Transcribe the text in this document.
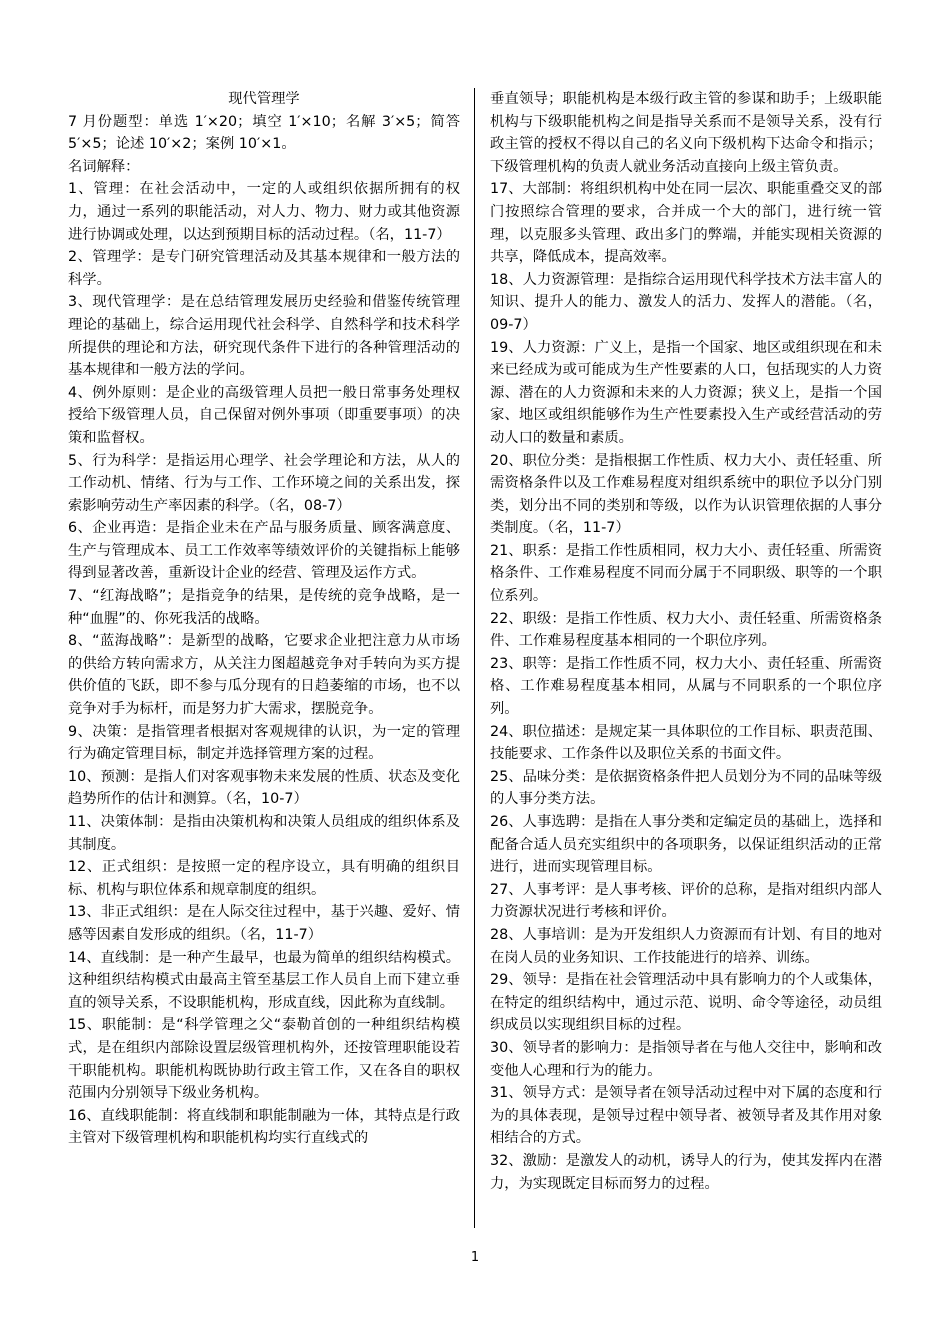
现代管理学

7 月份题型：单选 1′×20；填空 1′×10；名解 3′×5；简答 5′×5；论述 10′×2；案例 10′×1。

名词解释：

1、管理：在社会活动中，一定的人或组织依据所拥有的权力，通过一系列的职能活动，对人力、物力、财力或其他资源进行协调或处理，以达到预期目标的活动过程。（名，11-7）

2、管理学：是专门研究管理活动及其基本规律和一般方法的科学。

3、现代管理学：是在总结管理发展历史经验和借鉴传统管理理论的基础上，综合运用现代社会科学、自然科学和技术科学所提供的理论和方法，研究现代条件下进行的各种管理活动的基本规律和一般方法的学问。

4、例外原则：是企业的高级管理人员把一般日常事务处理权授给下级管理人员，自己保留对例外事项（即重要事项）的决策和监督权。

5、行为科学：是指运用心理学、社会学理论和方法，从人的工作动机、情绪、行为与工作、工作环境之间的关系出发，探索影响劳动生产率因素的科学。（名，08-7）

6、企业再造：是指企业未在产品与服务质量、顾客满意度、生产与管理成本、员工工作效率等绩效评价的关键指标上能够得到显著改善，重新设计企业的经营、管理及运作方式。

7、“红海战略”；是指竞争的结果，是传统的竞争战略，是一种“血腥”的、你死我活的战略。

8、“蓝海战略”：是新型的战略，它要求企业把注意力从市场的供给方转向需求方，从关注力图超越竞争对手转向为买方提供价值的飞跃，即不参与瓜分现有的日趋萎缩的市场，也不以竞争对手为标杆，而是努力扩大需求，摆脱竞争。

9、决策：是指管理者根据对客观规律的认识，为一定的管理行为确定管理目标，制定并选择管理方案的过程。

10、预测：是指人们对客观事物未来发展的性质、状态及变化趋势所作的估计和测算。（名，10-7）

11、决策体制：是指由决策机构和决策人员组成的组织体系及其制度。

12、正式组织：是按照一定的程序设立，具有明确的组织目标、机构与职位体系和规章制度的组织。

13、非正式组织：是在人际交往过程中，基于兴趣、爱好、情感等因素自发形成的组织。（名，11-7）

14、直线制：是一种产生最早，也最为简单的组织结构模式。这种组织结构模式由最高主管至基层工作人员自上而下建立垂直的领导关系，不设职能机构，形成直线，因此称为直线制。

15、职能制：是“科学管理之父“泰勒首创的一种组织结构模式，是在组织内部除设置层级管理机构外，还按管理职能设若干职能机构。职能机构既协助行政主管工作，又在各自的职权范围内分别领导下级业务机构。

16、直线职能制：将直线制和职能制融为一体，其特点是行政主管对下级管理机构和职能机构均实行直线式的

垂直领导；职能机构是本级行政主管的参谋和助手；上级职能机构与下级职能机构之间是指导关系而不是领导关系，没有行政主管的授权不得以自己的名义向下级机构下达命令和指示；下级管理机构的负责人就业务活动直接向上级主管负责。

17、大部制：将组织机构中处在同一层次、职能重叠交叉的部门按照综合管理的要求，合并成一个大的部门，进行统一管理，以克服多头管理、政出多门的弊端，并能实现相关资源的共享，降低成本，提高效率。

18、人力资源管理：是指综合运用现代科学技术方法丰富人的知识、提升人的能力、激发人的活力、发挥人的潜能。（名，09-7）

19、人力资源：广义上，是指一个国家、地区或组织现在和未来已经成为或可能成为生产性要素的人口，包括现实的人力资源、潜在的人力资源和未来的人力资源；狭义上，是指一个国家、地区或组织能够作为生产性要素投入生产或经营活动的劳动人口的数量和素质。

20、职位分类：是指根据工作性质、权力大小、责任轻重、所需资格条件以及工作难易程度对组织系统中的职位予以分门别类，划分出不同的类别和等级，以作为认识管理依据的人事分类制度。（名，11-7）

21、职系：是指工作性质相同，权力大小、责任轻重、所需资格条件、工作难易程度不同而分属于不同职级、职等的一个职位系列。

22、职级：是指工作性质、权力大小、责任轻重、所需资格条件、工作难易程度基本相同的一个职位序列。

23、职等：是指工作性质不同，权力大小、责任轻重、所需资格、工作难易程度基本相同，从属与不同职系的一个职位序列。

24、职位描述：是规定某一具体职位的工作目标、职责范围、技能要求、工作条件以及职位关系的书面文件。

25、品味分类：是依据资格条件把人员划分为不同的品味等级的人事分类方法。

26、人事选聘：是指在人事分类和定编定员的基础上，选择和配备合适人员充实组织中的各项职务，以保证组织活动的正常进行，进而实现管理目标。

27、人事考评：是人事考核、评价的总称，是指对组织内部人力资源状况进行考核和评价。

28、人事培训：是为开发组织人力资源而有计划、有目的地对在岗人员的业务知识、工作技能进行的培养、训练。

29、领导：是指在社会管理活动中具有影响力的个人或集体，在特定的组织结构中，通过示范、说明、命令等途径，动员组织成员以实现组织目标的过程。

30、领导者的影响力：是指领导者在与他人交往中，影响和改变他人心理和行为的能力。

31、领导方式：是领导者在领导活动过程中对下属的态度和行为的具体表现，是领导过程中领导者、被领导者及其作用对象相结合的方式。

32、激励：是激发人的动机，诱导人的行为，使其发挥内在潜力，为实现既定目标而努力的过程。

1
